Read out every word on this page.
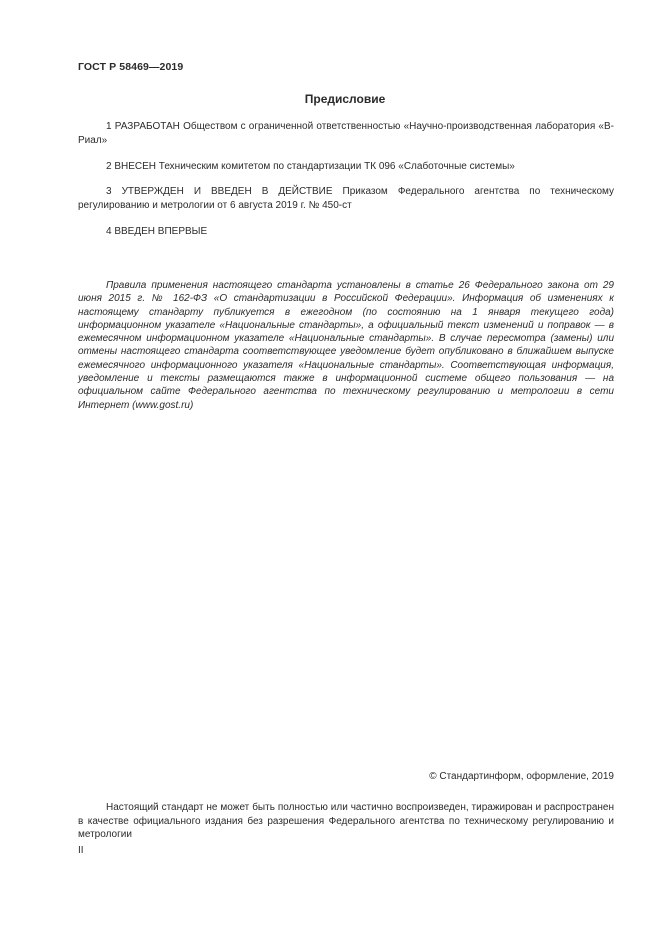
ГОСТ Р 58469—2019
Предисловие
1 РАЗРАБОТАН Обществом с ограниченной ответственностью «Научно-производственная лаборатория «В-Риал»
2 ВНЕСЕН Техническим комитетом по стандартизации ТК 096 «Слаботочные системы»
3 УТВЕРЖДЕН И ВВЕДЕН В ДЕЙСТВИЕ Приказом Федерального агентства по техническому регулированию и метрологии от 6 августа 2019 г. № 450-ст
4 ВВЕДЕН ВПЕРВЫЕ
Правила применения настоящего стандарта установлены в статье 26 Федерального закона от 29 июня 2015 г. № 162-ФЗ «О стандартизации в Российской Федерации». Информация об изменениях к настоящему стандарту публикуется в ежегодном (по состоянию на 1 января текущего года) информационном указателе «Национальные стандарты», а официальный текст изменений и поправок — в ежемесячном информационном указателе «Национальные стандарты». В случае пересмотра (замены) или отмены настоящего стандарта соответствующее уведомление будет опубликовано в ближайшем выпуске ежемесячного информационного указателя «Национальные стандарты». Соответствующая информация, уведомление и тексты размещаются также в информационной системе общего пользования — на официальном сайте Федерального агентства по техническому регулированию и метрологии в сети Интернет (www.gost.ru)
© Стандартинформ, оформление, 2019
Настоящий стандарт не может быть полностью или частично воспроизведен, тиражирован и распространен в качестве официального издания без разрешения Федерального агентства по техническому регулированию и метрологии
II
